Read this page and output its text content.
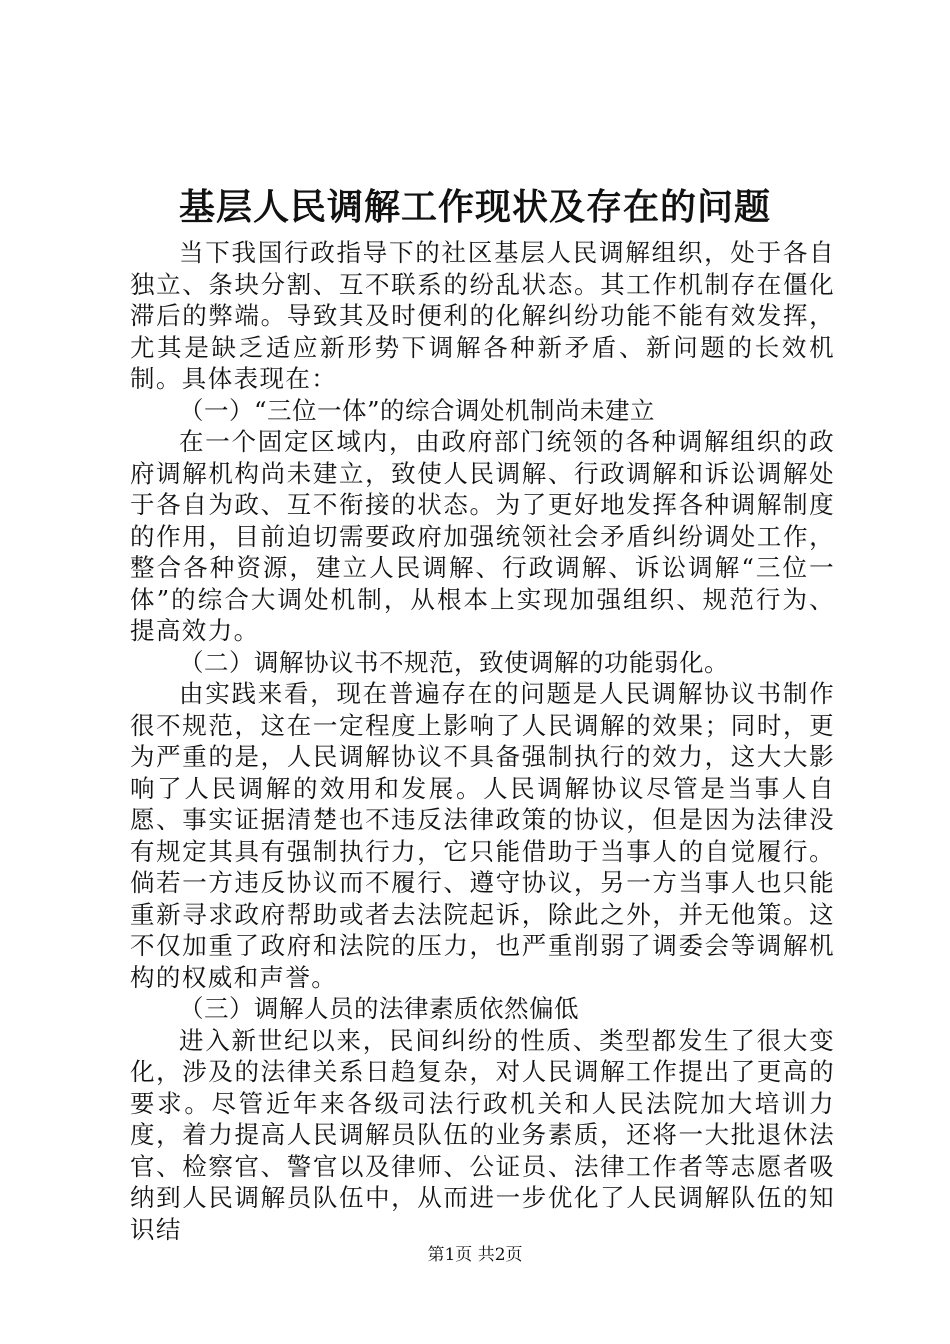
基层人民调解工作现状及存在的问题

当下我国行政指导下的社区基层人民调解组织，处于各自独立、条块分割、互不联系的纷乱状态。其工作机制存在僵化滞后的弊端。导致其及时便利的化解纠纷功能不能有效发挥，尤其是缺乏适应新形势下调解各种新矛盾、新问题的长效机制。具体表现在：

（一）“三位一体”的综合调处机制尚未建立

在一个固定区域内，由政府部门统领的各种调解组织的政府调解机构尚未建立，致使人民调解、行政调解和诉讼调解处于各自为政、互不衔接的状态。为了更好地发挥各种调解制度的作用，目前迫切需要政府加强统领社会矛盾纠纷调处工作，整合各种资源，建立人民调解、行政调解、诉讼调解“三位一体”的综合大调处机制，从根本上实现加强组织、规范行为、提高效力。

（二）调解协议书不规范，致使调解的功能弱化。

由实践来看，现在普遍存在的问题是人民调解协议书制作很不规范，这在一定程度上影响了人民调解的效果；同时，更为严重的是，人民调解协议不具备强制执行的效力，这大大影响了人民调解的效用和发展。人民调解协议尽管是当事人自愿、事实证据清楚也不违反法律政策的协议，但是因为法律没有规定其具有强制执行力，它只能借助于当事人的自觉履行。倘若一方违反协议而不履行、遵守协议，另一方当事人也只能重新寻求政府帮助或者去法院起诉，除此之外，并无他策。这不仅加重了政府和法院的压力，也严重削弱了调委会等调解机构的权威和声誉。

（三）调解人员的法律素质依然偏低

进入新世纪以来，民间纠纷的性质、类型都发生了很大变化，涉及的法律关系日趋复杂，对人民调解工作提出了更高的要求。尽管近年来各级司法行政机关和人民法院加大培训力度，着力提高人民调解员队伍的业务素质，还将一大批退休法官、检察官、警官以及律师、公证员、法律工作者等志愿者吸纳到人民调解员队伍中，从而进一步优化了人民调解队伍的知识结

第1页 共2页
